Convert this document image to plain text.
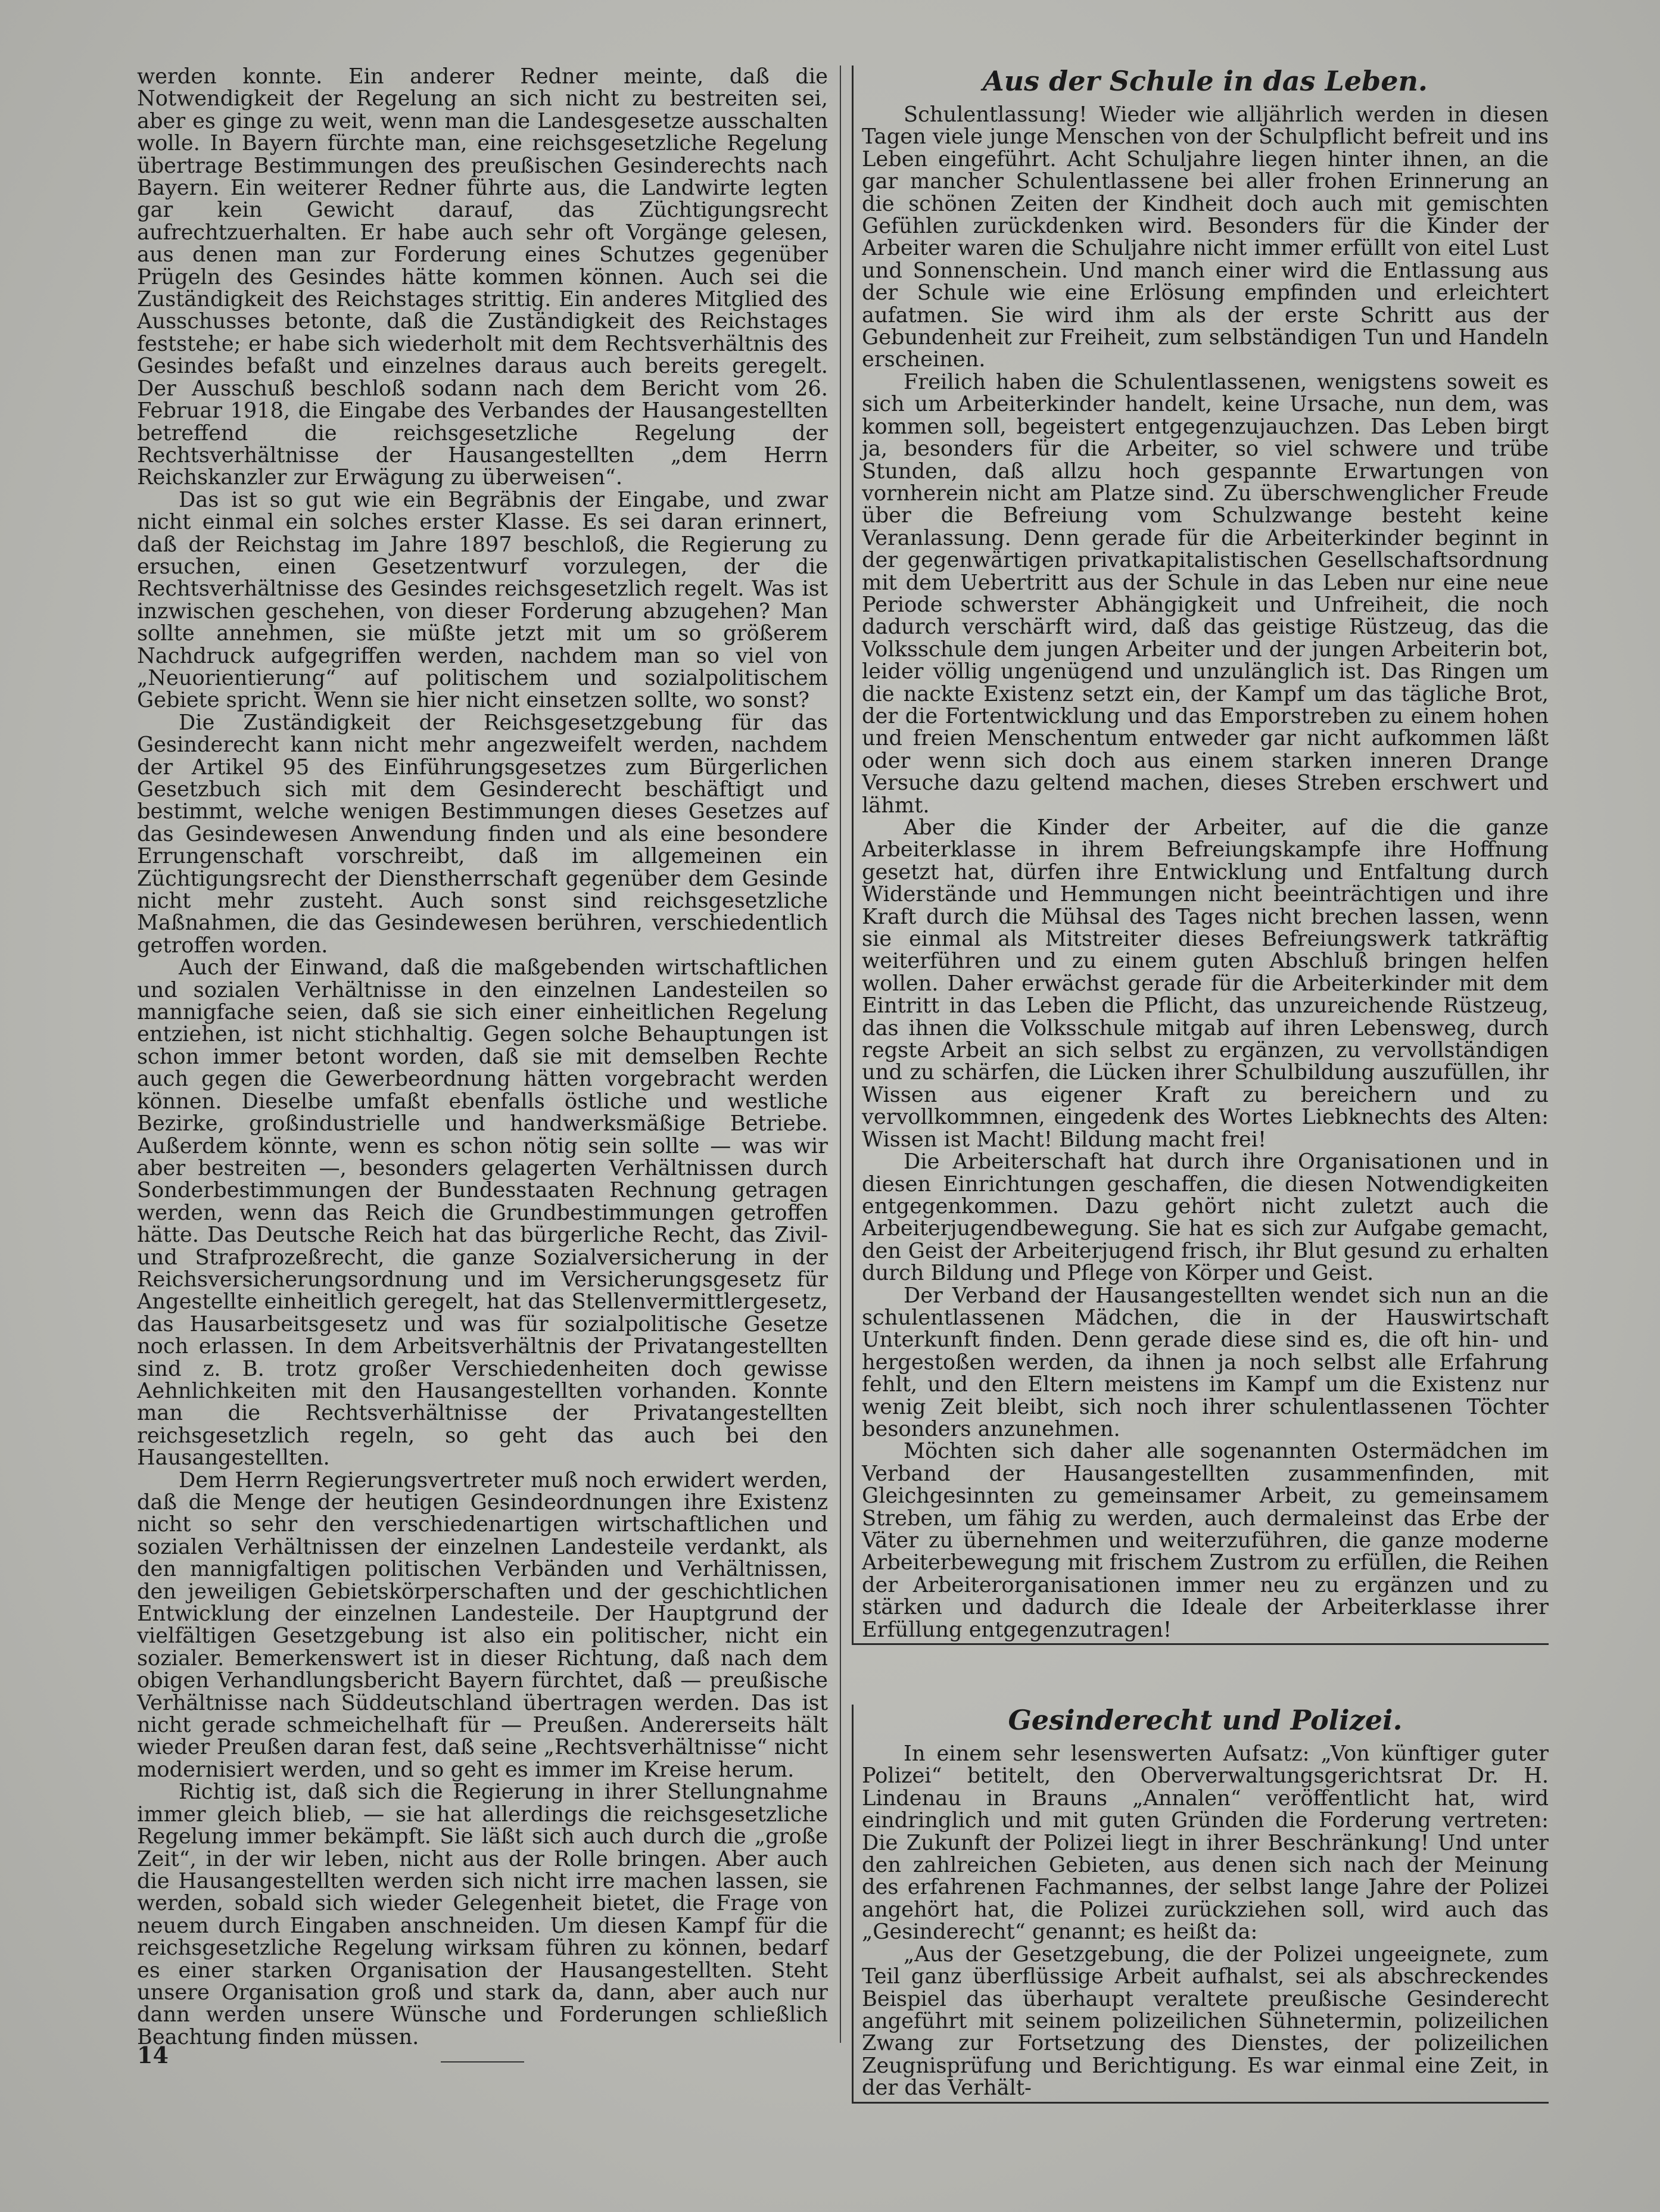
werden konnte. Ein anderer Redner meinte, daß die Notwendigkeit der Regelung an sich nicht zu bestreiten sei, aber es ginge zu weit, wenn man die Landesgesetze ausschalten wolle. In Bayern fürchte man, eine reichsgesetzliche Regelung übertrage Bestimmungen des preußischen Gesinderechts nach Bayern. Ein weiterer Redner führte aus, die Landwirte legten gar kein Gewicht darauf, das Züchtigungsrecht aufrechtzuerhalten. Er habe auch sehr oft Vorgänge gelesen, aus denen man zur Forderung eines Schutzes gegenüber Prügeln des Gesindes hätte kommen können. Auch sei die Zuständigkeit des Reichstages strittig. Ein anderes Mitglied des Ausschusses betonte, daß die Zuständigkeit des Reichstages feststehe; er habe sich wiederholt mit dem Rechtsverhältnis des Gesindes befaßt und einzelnes daraus auch bereits geregelt. Der Ausschuß beschloß sodann nach dem Bericht vom 26. Februar 1918, die Eingabe des Verbandes der Hausangestellten betreffend die reichsgesetzliche Regelung der Rechtsverhältnisse der Hausangestellten „dem Herrn Reichskanzler zur Erwägung zu überweisen“.

Das ist so gut wie ein Begräbnis der Eingabe, und zwar nicht einmal ein solches erster Klasse. Es sei daran erinnert, daß der Reichstag im Jahre 1897 beschloß, die Regierung zu ersuchen, einen Gesetzentwurf vorzulegen, der die Rechtsverhältnisse des Gesindes reichsgesetzlich regelt. Was ist inzwischen geschehen, von dieser Forderung abzugehen? Man sollte annehmen, sie müßte jetzt mit um so größerem Nachdruck aufgegriffen werden, nachdem man so viel von „Neuorientierung“ auf politischem und sozialpolitischem Gebiete spricht. Wenn sie hier nicht einsetzen sollte, wo sonst?

Die Zuständigkeit der Reichsgesetzgebung für das Gesinderecht kann nicht mehr angezweifelt werden, nachdem der Artikel 95 des Einführungsgesetzes zum Bürgerlichen Gesetzbuch sich mit dem Gesinderecht beschäftigt und bestimmt, welche wenigen Bestimmungen dieses Gesetzes auf das Gesindewesen Anwendung finden und als eine besondere Errungenschaft vorschreibt, daß im allgemeinen ein Züchtigungsrecht der Dienstherrschaft gegenüber dem Gesinde nicht mehr zusteht. Auch sonst sind reichsgesetzliche Maßnahmen, die das Gesindewesen berühren, verschiedentlich getroffen worden.

Auch der Einwand, daß die maßgebenden wirtschaftlichen und sozialen Verhältnisse in den einzelnen Landesteilen so mannigfache seien, daß sie sich einer einheitlichen Regelung entziehen, ist nicht stichhaltig. Gegen solche Behauptungen ist schon immer betont worden, daß sie mit demselben Rechte auch gegen die Gewerbeordnung hätten vorgebracht werden können. Dieselbe umfaßt ebenfalls östliche und westliche Bezirke, großindustrielle und handwerksmäßige Betriebe. Außerdem könnte, wenn es schon nötig sein sollte — was wir aber bestreiten —, besonders gelagerten Verhältnissen durch Sonderbestimmungen der Bundesstaaten Rechnung getragen werden, wenn das Reich die Grundbestimmungen getroffen hätte. Das Deutsche Reich hat das bürgerliche Recht, das Zivil- und Strafprozeßrecht, die ganze Sozialversicherung in der Reichsversicherungsordnung und im Versicherungsgesetz für Angestellte einheitlich geregelt, hat das Stellenvermittlergesetz, das Hausarbeitsgesetz und was für sozialpolitische Gesetze noch erlassen. In dem Arbeitsverhältnis der Privatangestellten sind z. B. trotz großer Verschiedenheiten doch gewisse Aehnlichkeiten mit den Hausangestellten vorhanden. Konnte man die Rechtsverhältnisse der Privatangestellten reichsgesetzlich regeln, so geht das auch bei den Hausangestellten.

Dem Herrn Regierungsvertreter muß noch erwidert werden, daß die Menge der heutigen Gesindeordnungen ihre Existenz nicht so sehr den verschiedenartigen wirtschaftlichen und sozialen Verhältnissen der einzelnen Landesteile verdankt, als den mannigfaltigen politischen Verbänden und Verhältnissen, den jeweiligen Gebietskörperschaften und der geschichtlichen Entwicklung der einzelnen Landesteile. Der Hauptgrund der vielfältigen Gesetzgebung ist also ein politischer, nicht ein sozialer. Bemerkenswert ist in dieser Richtung, daß nach dem obigen Verhandlungsbericht Bayern fürchtet, daß — preußische Verhältnisse nach Süddeutschland übertragen werden. Das ist nicht gerade schmeichelhaft für — Preußen. Andererseits hält wieder Preußen daran fest, daß seine „Rechtsverhältnisse“ nicht modernisiert werden, und so geht es immer im Kreise herum.

Richtig ist, daß sich die Regierung in ihrer Stellungnahme immer gleich blieb, — sie hat allerdings die reichsgesetzliche Regelung immer bekämpft. Sie läßt sich auch durch die „große Zeit“, in der wir leben, nicht aus der Rolle bringen. Aber auch die Hausangestellten werden sich nicht irre machen lassen, sie werden, sobald sich wieder Gelegenheit bietet, die Frage von neuem durch Eingaben anschneiden. Um diesen Kampf für die reichsgesetzliche Regelung wirksam führen zu können, bedarf es einer starken Organisation der Hausangestellten. Steht unsere Organisation groß und stark da, dann, aber auch nur dann werden unsere Wünsche und Forderungen schließlich Beachtung finden müssen.

Aus der Schule in das Leben.

Schulentlassung! Wieder wie alljährlich werden in diesen Tagen viele junge Menschen von der Schulpflicht befreit und ins Leben eingeführt. Acht Schuljahre liegen hinter ihnen, an die gar mancher Schulentlassene bei aller frohen Erinnerung an die schönen Zeiten der Kindheit doch auch mit gemischten Gefühlen zurückdenken wird. Besonders für die Kinder der Arbeiter waren die Schuljahre nicht immer erfüllt von eitel Lust und Sonnenschein. Und manch einer wird die Entlassung aus der Schule wie eine Erlösung empfinden und erleichtert aufatmen. Sie wird ihm als der erste Schritt aus der Gebundenheit zur Freiheit, zum selbständigen Tun und Handeln erscheinen.

Freilich haben die Schulentlassenen, wenigstens soweit es sich um Arbeiterkinder handelt, keine Ursache, nun dem, was kommen soll, begeistert entgegenzujauchzen. Das Leben birgt ja, besonders für die Arbeiter, so viel schwere und trübe Stunden, daß allzu hoch gespannte Erwartungen von vornherein nicht am Platze sind. Zu überschwenglicher Freude über die Befreiung vom Schulzwange besteht keine Veranlassung. Denn gerade für die Arbeiterkinder beginnt in der gegenwärtigen privatkapitalistischen Gesellschaftsordnung mit dem Uebertritt aus der Schule in das Leben nur eine neue Periode schwerster Abhängigkeit und Unfreiheit, die noch dadurch verschärft wird, daß das geistige Rüstzeug, das die Volksschule dem jungen Arbeiter und der jungen Arbeiterin bot, leider völlig ungenügend und unzulänglich ist. Das Ringen um die nackte Existenz setzt ein, der Kampf um das tägliche Brot, der die Fortentwicklung und das Emporstreben zu einem hohen und freien Menschentum entweder gar nicht aufkommen läßt oder wenn sich doch aus einem starken inneren Drange Versuche dazu geltend machen, dieses Streben erschwert und lähmt.

Aber die Kinder der Arbeiter, auf die die ganze Arbeiterklasse in ihrem Befreiungskampfe ihre Hoffnung gesetzt hat, dürfen ihre Entwicklung und Entfaltung durch Widerstände und Hemmungen nicht beeinträchtigen und ihre Kraft durch die Mühsal des Tages nicht brechen lassen, wenn sie einmal als Mitstreiter dieses Befreiungswerk tatkräftig weiterführen und zu einem guten Abschluß bringen helfen wollen. Daher erwächst gerade für die Arbeiterkinder mit dem Eintritt in das Leben die Pflicht, das unzureichende Rüstzeug, das ihnen die Volksschule mitgab auf ihren Lebensweg, durch regste Arbeit an sich selbst zu ergänzen, zu vervollständigen und zu schärfen, die Lücken ihrer Schulbildung auszufüllen, ihr Wissen aus eigener Kraft zu bereichern und zu vervollkommnen, eingedenk des Wortes Liebknechts des Alten: Wissen ist Macht! Bildung macht frei!

Die Arbeiterschaft hat durch ihre Organisationen und in diesen Einrichtungen geschaffen, die diesen Notwendigkeiten entgegenkommen. Dazu gehört nicht zuletzt auch die Arbeiterjugendbewegung. Sie hat es sich zur Aufgabe gemacht, den Geist der Arbeiterjugend frisch, ihr Blut gesund zu erhalten durch Bildung und Pflege von Körper und Geist.

Der Verband der Hausangestellten wendet sich nun an die schulentlassenen Mädchen, die in der Hauswirtschaft Unterkunft finden. Denn gerade diese sind es, die oft hin- und hergestoßen werden, da ihnen ja noch selbst alle Erfahrung fehlt, und den Eltern meistens im Kampf um die Existenz nur wenig Zeit bleibt, sich noch ihrer schulentlassenen Töchter besonders anzunehmen.

Möchten sich daher alle sogenannten Ostermädchen im Verband der Hausangestellten zusammenfinden, mit Gleichgesinnten zu gemeinsamer Arbeit, zu gemeinsamem Streben, um fähig zu werden, auch dermaleinst das Erbe der Väter zu übernehmen und weiterzuführen, die ganze moderne Arbeiterbewegung mit frischem Zustrom zu erfüllen, die Reihen der Arbeiterorganisationen immer neu zu ergänzen und zu stärken und dadurch die Ideale der Arbeiterklasse ihrer Erfüllung entgegenzutragen!

Gesinderecht und Polizei.

In einem sehr lesenswerten Aufsatz: „Von künftiger guter Polizei“ betitelt, den Oberverwaltungsgerichtsrat Dr. H. Lindenau in Brauns „Annalen“ veröffentlicht hat, wird eindringlich und mit guten Gründen die Forderung vertreten: Die Zukunft der Polizei liegt in ihrer Beschränkung! Und unter den zahlreichen Gebieten, aus denen sich nach der Meinung des erfahrenen Fachmannes, der selbst lange Jahre der Polizei angehört hat, die Polizei zurückziehen soll, wird auch das „Gesinderecht“ genannt; es heißt da:

„Aus der Gesetzgebung, die der Polizei ungeeignete, zum Teil ganz überflüssige Arbeit aufhalst, sei als abschreckendes Beispiel das überhaupt veraltete preußische Gesinderecht angeführt mit seinem polizeilichen Sühnetermin, polizeilichen Zwang zur Fortsetzung des Dienstes, der polizeilichen Zeugnisprüfung und Berichtigung. Es war einmal eine Zeit, in der das Verhält-

14
